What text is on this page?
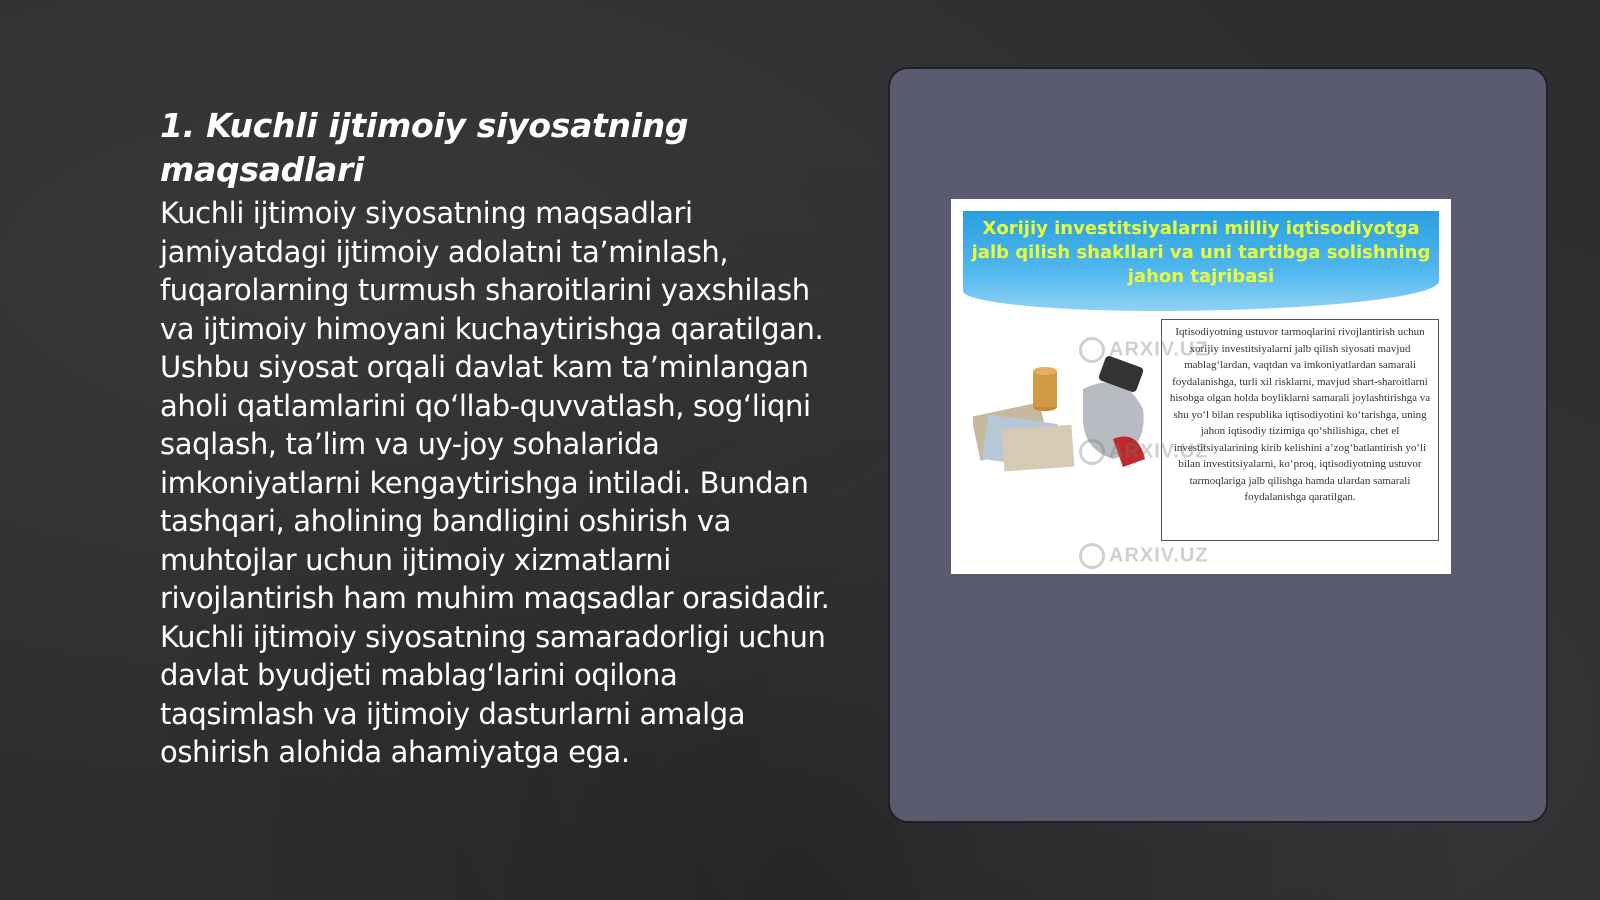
1. Kuchli ijtimoiy siyosatning maqsadlari

Kuchli ijtimoiy siyosatning maqsadlari jamiyatdagi ijtimoiy adolatni ta’minlash, fuqarolarning turmush sharoitlarini yaxshilash va ijtimoiy himoyani kuchaytirishga qaratilgan. Ushbu siyosat orqali davlat kam ta’minlangan aholi qatlamlarini qo‘llab-quvvatlash, sog‘liqni saqlash, ta’lim va uy-joy sohalarida imkoniyatlarni kengaytirishga intiladi. Bundan tashqari, aholining bandligini oshirish va muhtojlar uchun ijtimoiy xizmatlarni rivojlantirish ham muhim maqsadlar orasidadir. Kuchli ijtimoiy siyosatning samaradorligi uchun davlat byudjeti mablag‘larini oqilona taqsimlash va ijtimoiy dasturlarni amalga oshirish alohida ahamiyatga ega.

Xorijiy investitsiyalarni milliy iqtisodiyotga jalb qilish shakllari va uni tartibga solishning jahon tajribasi
Iqtisodiyotning ustuvor tarmoqlarini rivojlantirish uchun xorijiy investitsiyalarni jalb qilish siyosati mavjud mablag‘lardan, vaqtdan va imkoniyatlardan samarali foydalanishga, turli xil risklarni, mavjud shart-sharoitlarni hisobga olgan holda boyliklarni samarali joylashtirishga va shu yo‘l bilan respublika iqtisodiyotini ko‘tarishga, uning jahon iqtisodiy tizimiga qo‘shilishiga, chet el investitsiyalarining kirib kelishini a’zog‘batlantirish yo‘li bilan investitsiyalarni, ko‘proq, iqtisodiyotning ustuvor tarmoqlariga jalb qilishga hamda ulardan samarali foydalanishga qaratilgan.
ARXIV.UZ
ARXIV.UZ
ARXIV.UZ
